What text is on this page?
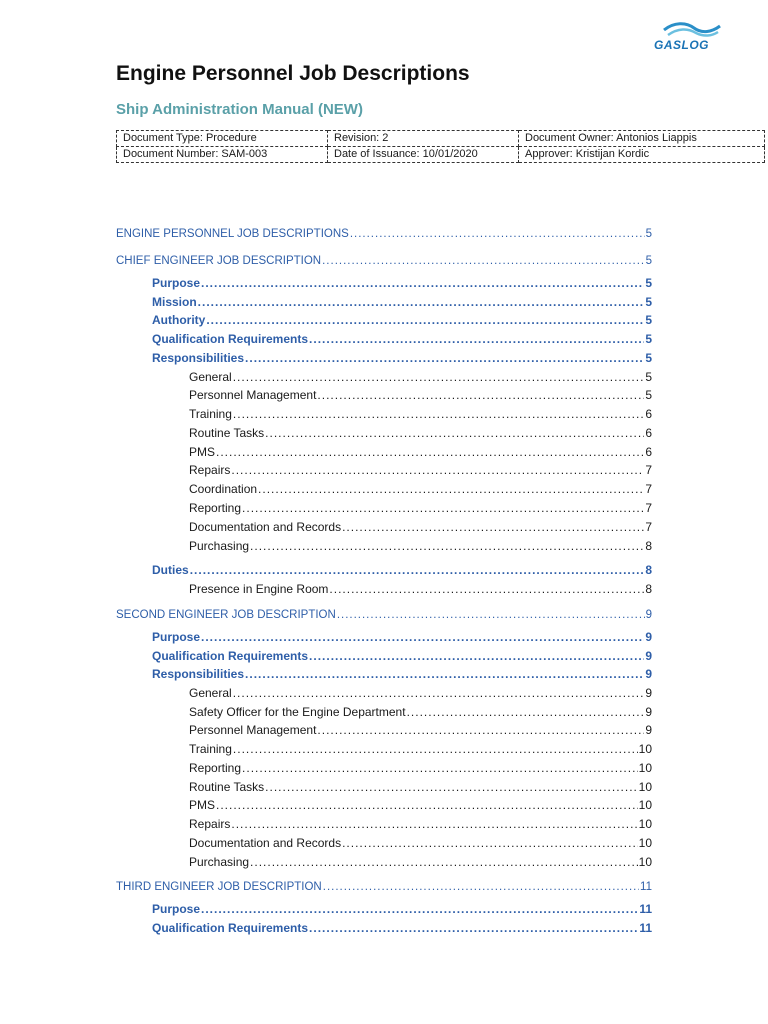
GASLOG
Engine Personnel Job Descriptions
Ship Administration Manual (NEW)
Document Type: Procedure	Revision: 2	Document Owner: Antonios Liappis
Document Number: SAM-003	Date of Issuance: 10/01/2020	Approver: Kristijan Kordic
ENGINE PERSONNEL JOB DESCRIPTIONS .....	5
CHIEF ENGINEER JOB DESCRIPTION .....	5
Purpose .....	5
Mission .....	5
Authority .....	5
Qualification Requirements .....	5
Responsibilities .....	5
General .....	5
Personnel Management .....	5
Training .....	6
Routine Tasks .....	6
PMS .....	6
Repairs .....	7
Coordination .....	7
Reporting .....	7
Documentation and Records .....	7
Purchasing .....	8
Duties .....	8
Presence in Engine Room .....	8
SECOND ENGINEER JOB DESCRIPTION .....	9
Purpose .....	9
Qualification Requirements .....	9
Responsibilities .....	9
General .....	9
Safety Officer for the Engine Department .....	9
Personnel Management .....	9
Training .....	10
Reporting .....	10
Routine Tasks .....	10
PMS .....	10
Repairs .....	10
Documentation and Records .....	10
Purchasing .....	10
THIRD ENGINEER JOB DESCRIPTION .....	11
Purpose .....	11
Qualification Requirements .....	11
